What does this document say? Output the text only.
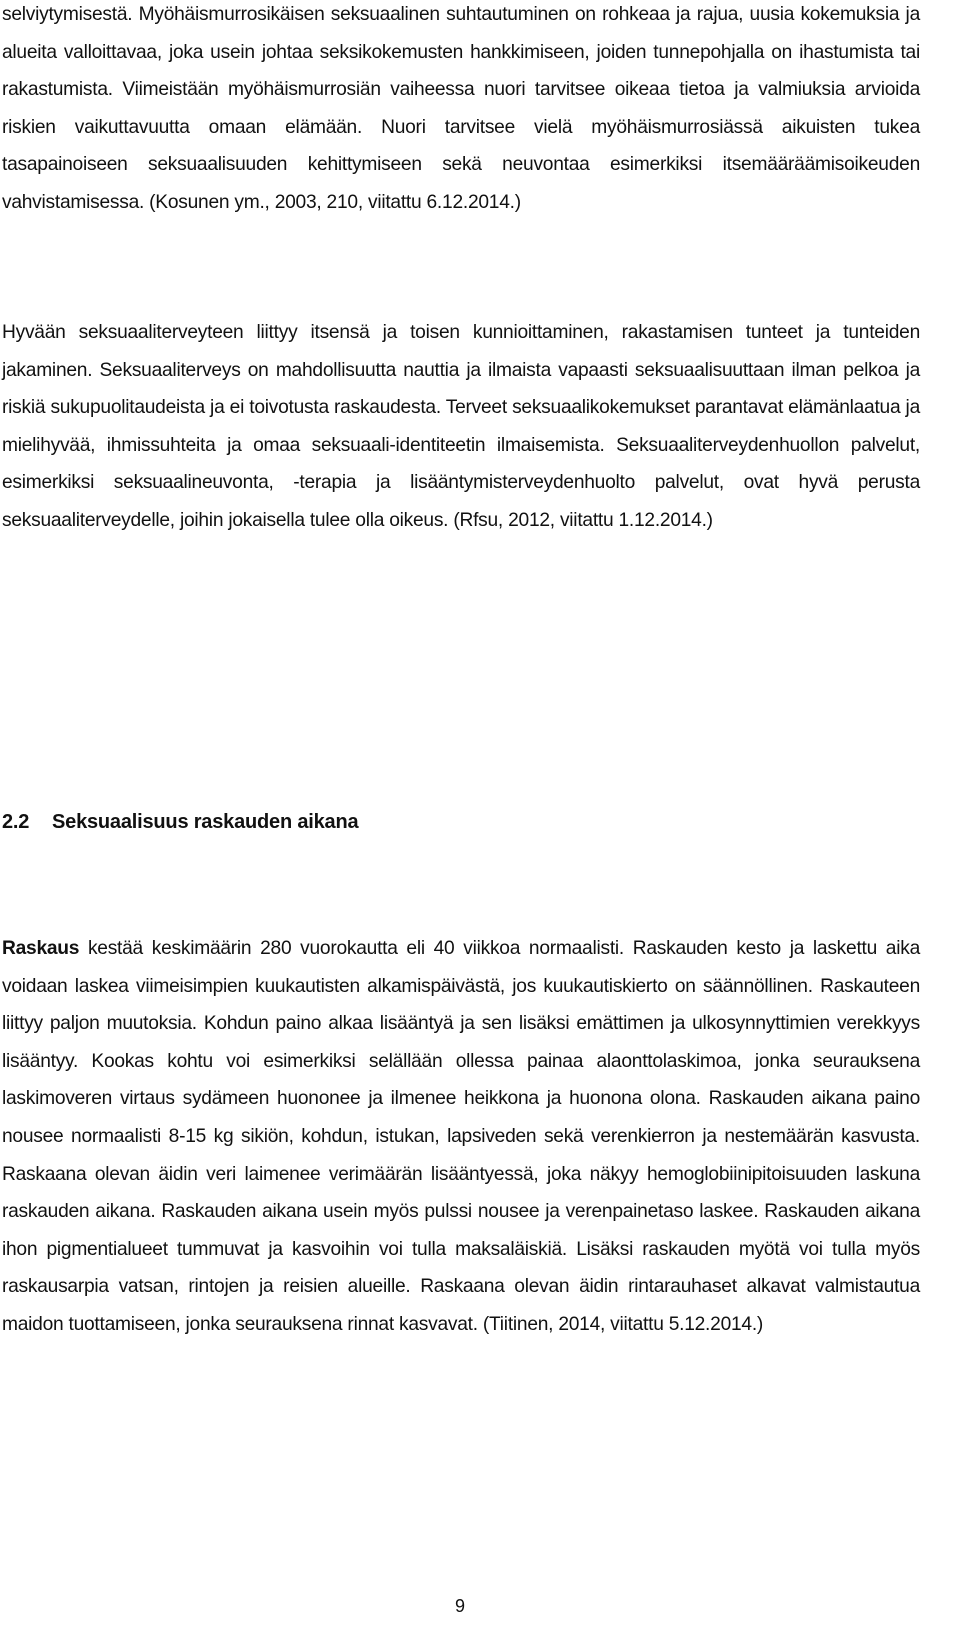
selviytymisestä. Myöhäismurrosikäisen seksuaalinen suhtautuminen on rohkeaa ja rajua, uusia kokemuksia ja alueita valloittavaa, joka usein johtaa seksikokemusten hankkimiseen, joiden tunnepohjalla on ihastumista tai rakastumista. Viimeistään myöhäismurrosiän vaiheessa nuori tarvitsee oikeaa tietoa ja valmiuksia arvioida riskien vaikuttavuutta omaan elämään. Nuori tarvitsee vielä myöhäismurrosiässä aikuisten tukea tasapainoiseen seksuaalisuuden kehittymiseen sekä neuvontaa esimerkiksi itsemääräämisoikeuden vahvistamisessa. (Kosunen ym., 2003, 210, viitattu 6.12.2014.)

Hyvään seksuaaliterveyteen liittyy itsensä ja toisen kunnioittaminen, rakastamisen tunteet ja tunteiden jakaminen. Seksuaaliterveys on mahdollisuutta nauttia ja ilmaista vapaasti seksuaalisuuttaan ilman pelkoa ja riskiä sukupuolitaudeista ja ei toivotusta raskaudesta. Terveet seksuaalikokemukset parantavat elämänlaatua ja mielihyvää, ihmissuhteita ja omaa seksuaali-identiteetin ilmaisemista. Seksuaaliterveydenhuollon palvelut, esimerkiksi seksuaalineuvonta, -terapia ja lisääntymisterveydenhuolto palvelut, ovat hyvä perusta seksuaaliterveydelle, joihin jokaisella tulee olla oikeus. (Rfsu, 2012, viitattu 1.12.2014.)

2.2	Seksuaalisuus raskauden aikana

Raskaus kestää keskimäärin 280 vuorokautta eli 40 viikkoa normaalisti. Raskauden kesto ja laskettu aika voidaan laskea viimeisimpien kuukautisten alkamispäivästä, jos kuukautiskierto on säännöllinen. Raskauteen liittyy paljon muutoksia. Kohdun paino alkaa lisääntyä ja sen lisäksi emättimen ja ulkosynnyttimien verekkyys lisääntyy. Kookas kohtu voi esimerkiksi selällään ollessa painaa alaonttolaskimoa, jonka seurauksena laskimoveren virtaus sydämeen huononee ja ilmenee heikkona ja huonona olona. Raskauden aikana paino nousee normaalisti 8-15 kg sikiön, kohdun, istukan, lapsiveden sekä verenkierron ja nestemäärän kasvusta. Raskaana olevan äidin veri laimenee verimäärän lisääntyessä, joka näkyy hemoglobiinipitoisuuden laskuna raskauden aikana. Raskauden aikana usein myös pulssi nousee ja verenpainetaso laskee. Raskauden aikana ihon pigmentialueet tummuvat ja kasvoihin voi tulla maksaläiskiä. Lisäksi raskauden myötä voi tulla myös raskausarpia vatsan, rintojen ja reisien alueille. Raskaana olevan äidin rintarauhaset alkavat valmistautua maidon tuottamiseen, jonka seurauksena rinnat kasvavat. (Tiitinen, 2014, viitattu 5.12.2014.)

9
